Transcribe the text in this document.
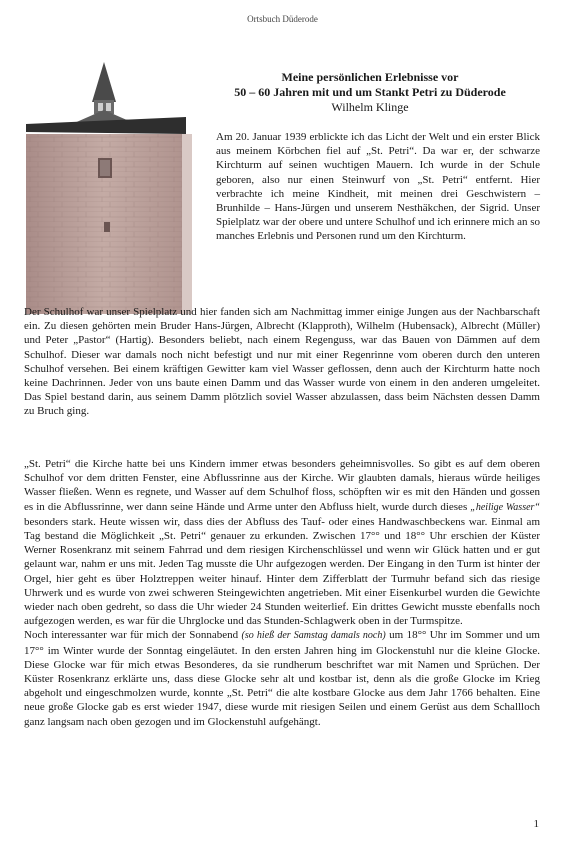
Ortsbuch Düderode
Meine persönlichen Erlebnisse vor
50 – 60 Jahren mit und um Stankt Petri zu Düderode
Wilhelm Klinge

Am 20. Januar 1939 erblickte ich das Licht der Welt und ein erster Blick aus meinem Körbchen fiel auf „St. Petri“. Da war er, der schwarze Kirchturm auf seinen wuchtigen Mauern. Ich wurde in der Schule geboren, also nur einen Steinwurf von „St. Petri“ entfernt. Hier verbrachte ich meine Kindheit, mit meinen drei Geschwistern – Brunhilde – Hans-Jürgen und unserem Nesthäkchen, der Sigrid. Unser Spielplatz war der obere und untere Schulhof und ich erinnere mich an so manches Erlebnis und Personen rund um den Kirchturm.

Der Schulhof war unser Spielplatz und hier fanden sich am Nachmittag immer einige Jungen aus der Nachbarschaft ein. Zu diesen gehörten mein Bruder Hans-Jürgen, Albrecht (Klapproth), Wilhelm (Hubensack), Albrecht (Müller) und Peter „Pastor“ (Hartig). Besonders beliebt, nach einem Regenguss, war das Bauen von Dämmen auf dem Schulhof. Dieser war damals noch nicht befestigt und nur mit einer Regenrinne vom oberen durch den unteren Schulhof versehen. Bei einem kräftigen Gewitter kam viel Wasser geflossen, denn auch der Kirchturm hatte noch keine Dachrinnen. Jeder von uns baute einen Damm und das Wasser wurde von einem in den anderen umgeleitet. Das Spiel bestand darin, aus seinem Damm plötzlich soviel Wasser abzulassen, dass beim Nächsten dessen Damm zu Bruch ging.

„St. Petri“ die Kirche hatte bei uns Kindern immer etwas besonders geheimnisvolles. So gibt es auf dem oberen Schulhof vor dem dritten Fenster, eine Abflussrinne aus der Kirche. Wir glaubten damals, hieraus würde heiliges Wasser fließen. Wenn es regnete, und Wasser auf dem Schulhof floss, schöpften wir es mit den Händen und gossen es in die Abflussrinne, wer dann seine Hände und Arme unter den Abfluss hielt, wurde durch dieses „heilige Wasser“ besonders stark. Heute wissen wir, dass dies der Abfluss des Tauf- oder eines Handwaschbeckens war. Einmal am Tag bestand die Möglichkeit „St. Petri“ genauer zu erkunden. Zwischen 17°° und 18°° Uhr erschien der Küster Werner Rosenkranz mit seinem Fahrrad und dem riesigen Kirchenschlüssel und wenn wir Glück hatten und er gut gelaunt war, nahm er uns mit. Jeden Tag musste die Uhr aufgezogen werden. Der Eingang in den Turm ist hinter der Orgel, hier geht es über Holztreppen weiter hinauf. Hinter dem Zifferblatt der Turmuhr befand sich das riesige Uhrwerk und es wurde von zwei schweren Steingewichten angetrieben. Mit einer Eisenkurbel wurden die Gewichte wieder nach oben gedreht, so dass die Uhr wieder 24 Stunden weiterlief. Ein drittes Gewicht musste ebenfalls noch aufgezogen werden, es war für die Uhrglocke und das Stunden-Schlagwerk oben in der Turmspitze.

Noch interessanter war für mich der Sonnabend (so hieß der Samstag damals noch) um 18°° Uhr im Sommer und um 17°° im Winter wurde der Sonntag eingeläutet. In den ersten Jahren hing im Glockenstuhl nur die kleine Glocke. Diese Glocke war für mich etwas Besonderes, da sie rundherum beschriftet war mit Namen und Sprüchen. Der Küster Rosenkranz erklärte uns, dass diese Glocke sehr alt und kostbar ist, denn als die große Glocke im Krieg abgeholt und eingeschmolzen wurde, konnte „St. Petri“ die alte kostbare Glocke aus dem Jahr 1766 behalten. Eine neue große Glocke gab es erst wieder 1947, diese wurde mit riesigen Seilen und einem Gerüst aus dem Schallloch ganz langsam nach oben gezogen und im Glockenstuhl aufgehängt.

1
